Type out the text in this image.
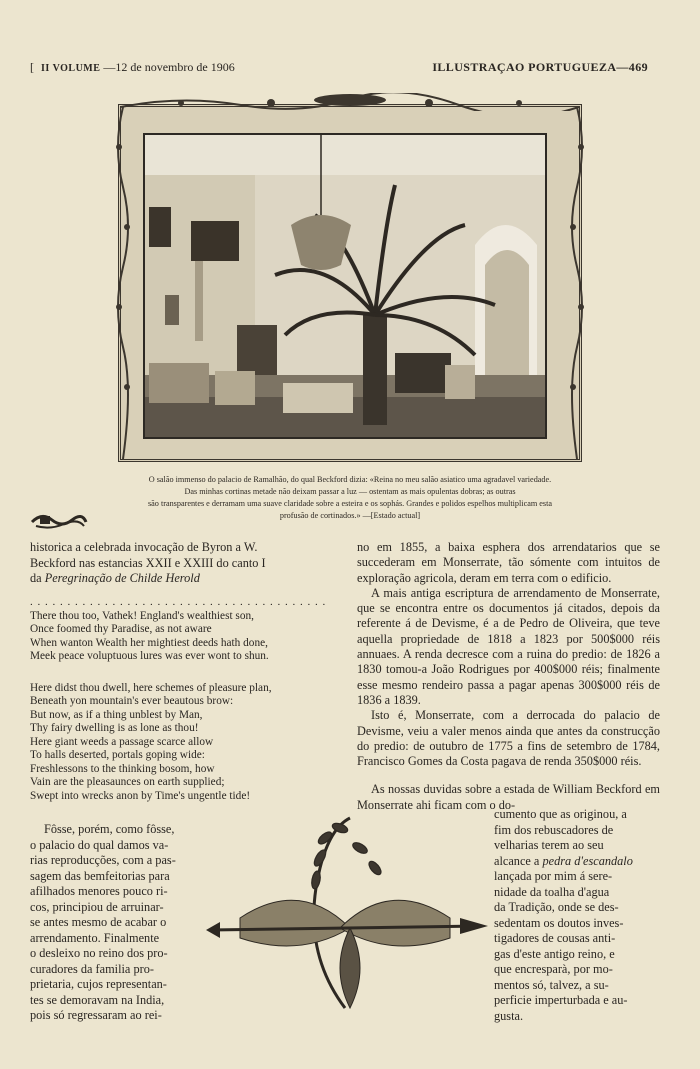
[ II VOLUME —12 de novembro de 1906	ILLUSTRAÇAO PORTUGUEZA—469
O salão immenso do palacio de Ramalhão, do qual Beckford dizia: «Reina no meu salão asiatico uma agradavel variedade.
Das minhas cortinas metade não deixam passar a luz — ostentam as mais opulentas dobras; as outras
são transparentes e derramam uma suave claridade sobre a esteira e os sophás. Grandes e polidos espelhos multiplicam esta
profusão de cortinados.» —[Estado actual]

historica a celebrada invocação de Byron a W.

Beckford nas estancias XXII e XXIII do canto I

da Peregrinação de Childe Herold

. . . . . . . . . . . . . . . . . . . . . . . . . . . . . . . . . . . . . . . .
There thou too, Vathek! England's wealthiest son,
Once foomed thy Paradise, as not aware
When wanton Wealth her mightiest deeds hath done,
Meek peace voluptuous lures was ever wont to shun.
Here didst thou dwell, here schemes of pleasure plan,
Beneath yon mountain's ever beautous brow:
But now, as if a thing unblest by Man,
Thy fairy dwelling is as lone as thou!
Here giant weeds a passage scarce allow
To halls deserted, portals goping wide:
Freshlessons to the thinking bosom, how
Vain are the pleasaunces on earth supplied;
Swept into wrecks anon by Time's ungentle tide!
Fôsse, porém, como fôsse,
o palacio do qual damos va-
rias reproducções, com a pas-
sagem das bemfeitorias para
afilhados menores pouco ri-
cos, principiou de arruinar-
se antes mesmo de acabar o
arrendamento. Finalmente
o desleixo no reino dos pro-
curadores da familia pro-
prietaria, cujos representan-
tes se demoravam na India,
pois só regressaram ao rei-

no em 1855, a baixa esphera dos arrendatarios que se succederam em Monserrate, tão sómente com intuitos de exploração agricola, deram em terra com o edificio.

A mais antiga escriptura de arrendamento de Monserrate, que se encontra entre os documentos já citados, depois da referente á de Devisme, é a de Pedro de Oliveira, que teve aquella propriedade de 1818 a 1823 por 500$000 réis annuaes. A renda decresce com a ruina do predio: de 1826 a 1830 tomou-a João Rodrigues por 400$000 réis; finalmente esse mesmo rendeiro passa a pagar apenas 300$000 réis de 1836 a 1839.

Isto é, Monserrate, com a derrocada do palacio de Devisme, veiu a valer menos ainda que antes da construcção do predio: de outubro de 1775 a fins de setembro de 1784, Francisco Gomes da Costa pagava de renda 350$000 réis.

As nossas duvidas sobre a estada de William Beckford em Monserrate ahi ficam com o do-
cumento que as originou, a
fim dos rebuscadores de
velharias terem ao seu
alcance a pedra d'escandalo
lançada por mim á sere-
nidade da toalha d'agua
da Tradição, onde se des-
sedentam os doutos inves-
tigadores de cousas anti-
gas d'este antigo reino, e
que encresparà, por mo-
mentos só, talvez, a su-
perficie imperturbada e au-
gusta.
